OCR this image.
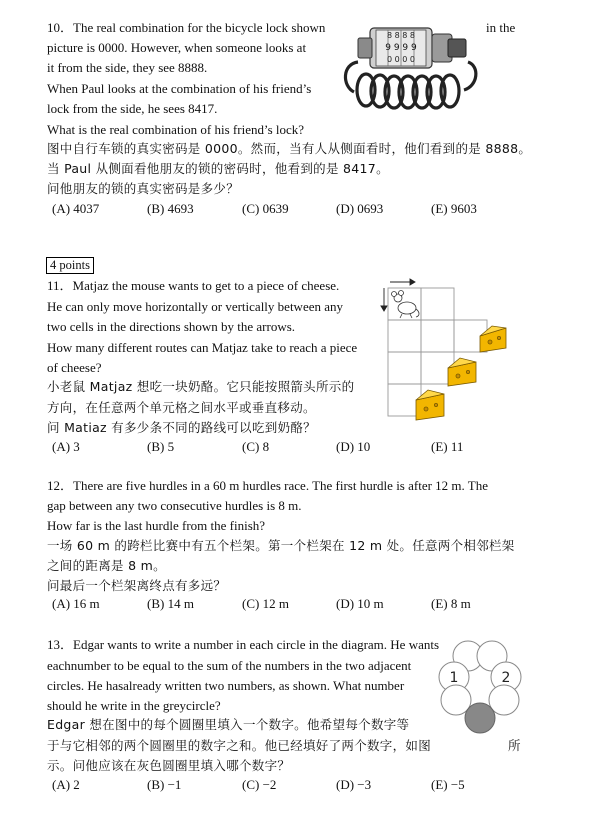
10．The real combination for the bicycle lock shown	in the
picture is 0000. However, when someone looks at
it from the side, they see 8888.
When Paul looks at the combination of his friend’s
lock from the side, he sees 8417.
What is the real combination of his friend’s lock?
图中自行车锁的真实密码是 0000。然而，当有人从侧面看时，他们看到的是 8888。
当 Paul 从侧面看他朋友的锁的密码时，他看到的是 8417。
问他朋友的锁的真实密码是多少？
(A) 4037	(B) 4693	(C) 0639	(D) 0693	(E) 9603
8 8 8 8
9 9 9 9
0 0 0 0
4 points
11．Matjaz the mouse wants to get to a piece of cheese.
He can only move horizontally or vertically between any
two cells in the directions shown by the arrows.
How many different routes can Matjaz take to reach a piece
of cheese?
小老鼠 Matjaz 想吃一块奶酪。它只能按照箭头所示的
方向，在任意两个单元格之间水平或垂直移动。
问 Matiaz 有多少条不同的路线可以吃到奶酪？
(A) 3	(B) 5	(C) 8	(D) 10	(E) 11
12．There are five hurdles in a 60 m hurdles race. The first hurdle is after 12 m. The
gap between any two consecutive hurdles is 8 m.
How far is the last hurdle from the finish?
一场 60 m 的跨栏比赛中有五个栏架。第一个栏架在 12 m 处。任意两个相邻栏架
之间的距离是 8 m。
问最后一个栏架离终点有多远？
(A) 16 m	(B) 14 m	(C) 12 m	(D) 10 m	(E) 8 m
13．Edgar wants to write a number in each circle in the diagram. He wants
eachnumber to be equal to the sum of the numbers in the two adjacent
circles. He hasalready written two numbers, as shown. What number
should he write in the greycircle?
Edgar 想在图中的每个圆圈里填入一个数字。他希望每个数字等
于与它相邻的两个圆圈里的数字之和。他已经填好了两个数字，如图	所
示。问他应该在灰色圆圈里填入哪个数字？
(A) 2	(B) −1	(C) −2	(D) −3	(E) −5
1	2
